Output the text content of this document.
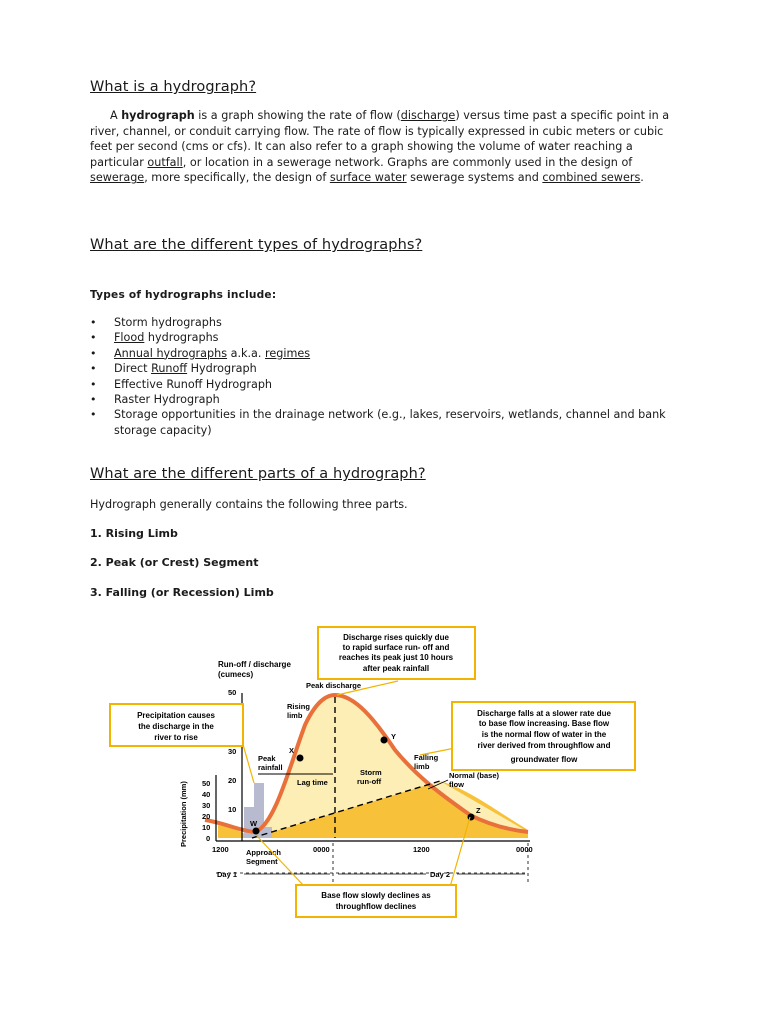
What is a hydrograph?

A hydrograph is a graph showing the rate of flow (discharge) versus time past a specific point in a river, channel, or conduit carrying flow. The rate of flow is typically expressed in cubic meters or cubic feet per second (cms or cfs). It can also refer to a graph showing the volume of water reaching a particular outfall, or location in a sewerage network. Graphs are commonly used in the design of sewerage, more specifically, the design of surface water sewerage systems and combined sewers.

What are the different types of hydrographs?

Types of hydrographs include:

• Storm hydrographs
• Flood hydrographs
• Annual hydrographs a.k.a. regimes
• Direct Runoff Hydrograph
• Effective Runoff Hydrograph
• Raster Hydrograph
• Storage opportunities in the drainage network (e.g., lakes, reservoirs, wetlands, channel and bank storage capacity)
What are the different parts of a hydrograph?

Hydrograph generally contains the following three parts.

1. Rising Limb

2. Peak (or Crest) Segment

3. Falling (or Recession) Limb

50
30
20
10
50
40
30
20
10
0
Precipitation (mm)
Run-off / discharge
(cumecs)
1200	0000	1200	0000
Day 1	Day 2
Peak discharge
Rising
limb
Peak
rainfall
Lag time
Storm
run-off
Falling
limb
Normal (base)
flow
Approach
Segment
X
Y
Z
W
Discharge rises quickly due
to rapid surface run- off and
reaches its peak just 10 hours
after peak rainfall
Precipitation causes
the discharge in the
river to rise
Discharge falls at a slower rate due
to base flow increasing. Base flow
is the normal flow of water in the
river derived from throughflow and
groundwater flow
Base flow slowly declines as
throughflow declines
